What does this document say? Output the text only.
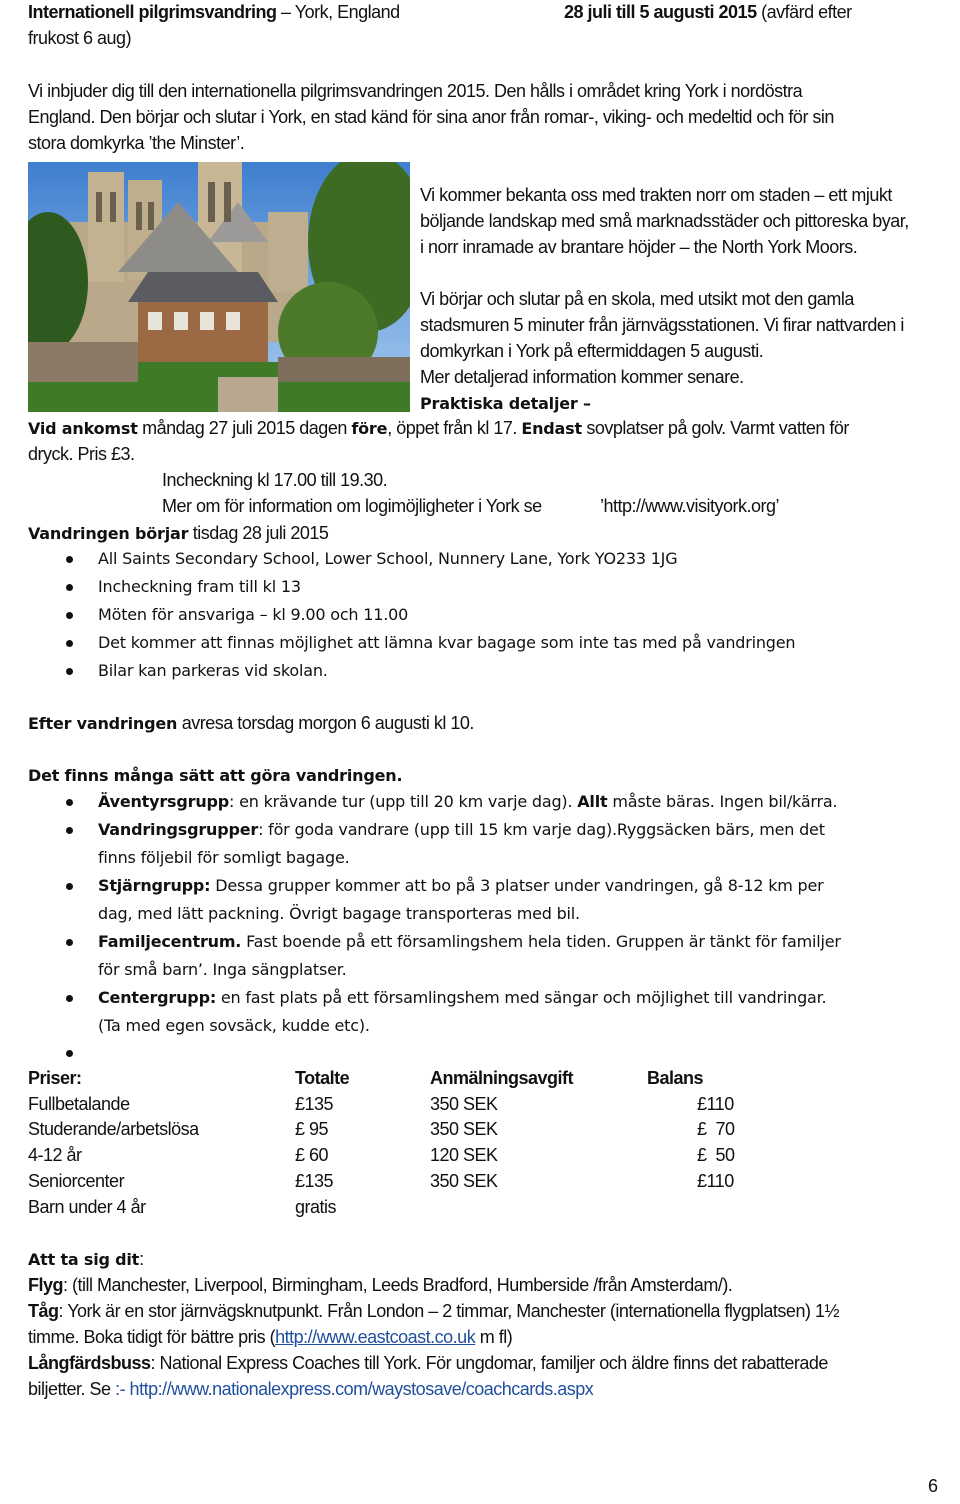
Internationell pilgrimsvandring – York, England	28 juli till 5 augusti 2015 (avfärd efter
frukost 6 aug)
Vi inbjuder dig till den internationella pilgrimsvandringen 2015. Den hålls i området kring York i nordöstra
England. Den börjar och slutar i York, en stad känd för sina anor från romar-, viking- och medeltid och för sin
stora domkyrka ’the Minster’.
Vi kommer bekanta oss med trakten norr om staden – ett mjukt
böljande landskap med små marknadsstäder och pittoreska byar,
i norr inramade av brantare höjder – the North York Moors.
Vi börjar och slutar på en skola, med utsikt mot den gamla
stadsmuren 5 minuter från järnvägsstationen. Vi firar nattvarden i
domkyrkan i York på eftermiddagen 5 augusti.
Mer detaljerad information kommer senare.
Praktiska detaljer –
Vid ankomst måndag 27 juli 2015 dagen före, öppet från kl 17. Endast sovplatser på golv. Varmt vatten för
dryck. Pris £3.
Incheckning kl 17.00 till 19.30.
Mer om för information om logimöjligheter i York se	’http://www.visityork.org’
Vandringen börjar tisdag 28 juli 2015
All Saints Secondary School, Lower School, Nunnery Lane, York YO233 1JG
Incheckning fram till kl 13
Möten för ansvariga – kl 9.00 och 11.00
Det kommer att finnas möjlighet att lämna kvar bagage som inte tas med på vandringen
Bilar kan parkeras vid skolan.
Efter vandringen avresa torsdag morgon 6 augusti kl 10.
Det finns många sätt att göra vandringen.
Äventyrsgrupp: en krävande tur (upp till 20 km varje dag). Allt måste bäras. Ingen bil/kärra.
Vandringsgrupper: för goda vandrare (upp till 15 km varje dag).Ryggsäcken bärs, men det
finns följebil för somligt bagage.
Stjärngrupp: Dessa grupper kommer att bo på 3 platser under vandringen, gå 8-12 km per
dag, med lätt packning. Övrigt bagage transporteras med bil.
Familjecentrum. Fast boende på ett församlingshem hela tiden. Gruppen är tänkt för familjer
för små barn’. Inga sängplatser.
Centergrupp: en fast plats på ett församlingshem med sängar och möjlighet till vandringar.
(Ta med egen sovsäck, kudde etc).
Priser:	Totalte	Anmälningsavgift	Balans
Fullbetalande	£135	350 SEK	£110
Studerande/arbetslösa	£ 95	350 SEK	£  70
4-12 år	£ 60	120 SEK	£  50
Seniorcenter	£135	350 SEK	£110
Barn under 4 år	gratis
Att ta sig dit:
Flyg: (till Manchester, Liverpool, Birmingham, Leeds Bradford, Humberside /från Amsterdam/).
Tåg: York är en stor järnvägsknutpunkt. Från London – 2 timmar, Manchester (internationella flygplatsen) 1½
timme. Boka tidigt för bättre pris (http://www.eastcoast.co.uk m fl)
Långfärdsbuss: National Express Coaches till York. För ungdomar, familjer och äldre finns det rabatterade
biljetter. Se :- http://www.nationalexpress.com/waystosave/coachcards.aspx
6
